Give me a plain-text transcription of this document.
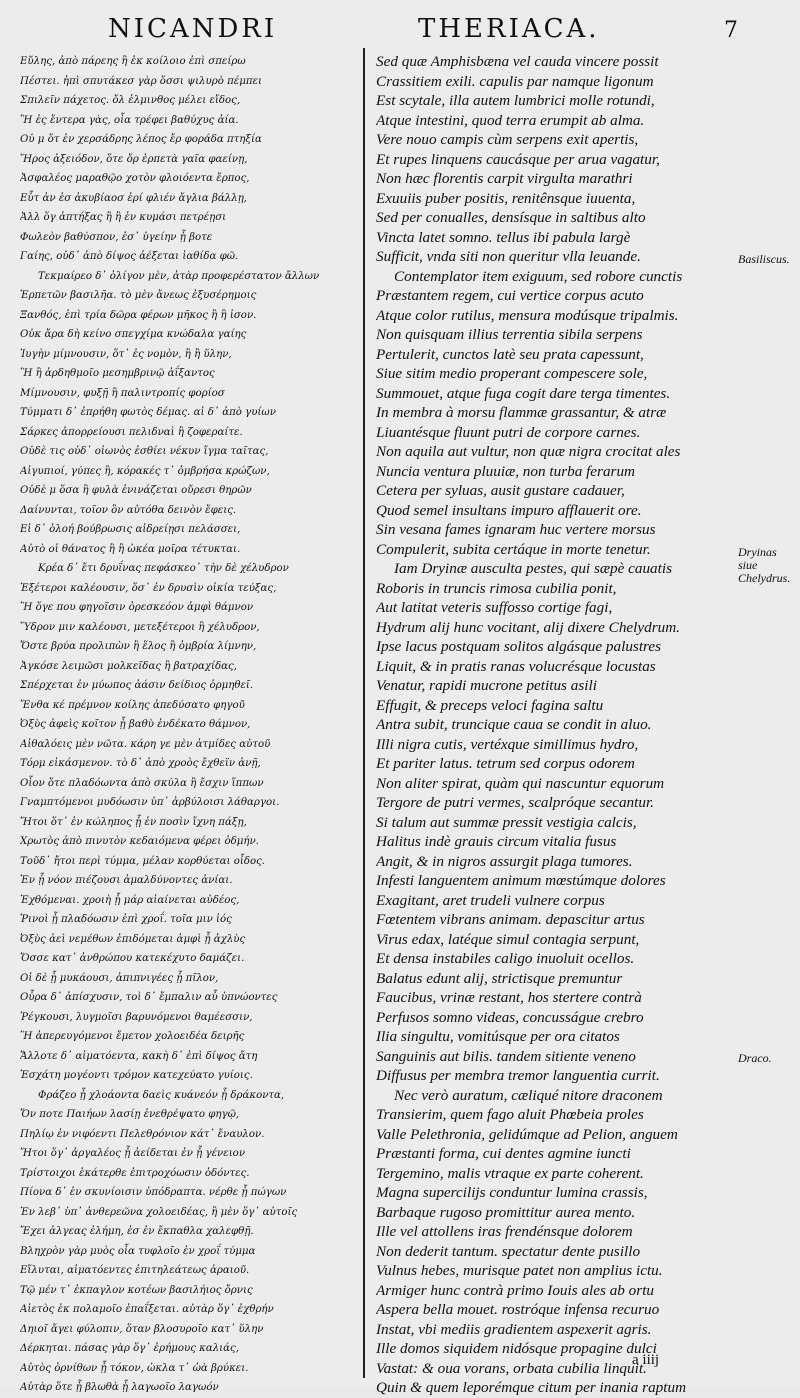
NICANDRI	THERIACA.	7
Εὔλης, ἀπὸ πάρεης ἢ ἐκ κοίλοιο ἐπὶ σπείρω
Πέστει. ἠπὶ σπυτάκεσ γὰρ ὅσσι ψιλυρὸ πέμπει
Σπιλεῖν πάχετος. ὄλ ἐλμινθος μέλει εἴδος,
Ἢ ἐς ἔντερα γὰς, οἷα τρέφει βαθύχυς ἀία.
Οὐ μ ὅτ ἐν χερσάδρης λέπος ἔρ φοράδα πτηξία
Ἥρος ἀξειόδον, ὅτε ὄρ ἐρπετὰ γαῖα φαείνῃ,
Ἀσφαλέος μαραθῷο χοτὸν φλοιόεντα ἔρπος,
Εὖτ ἀν ἐσ ἀκυβίαοσ ἐρί φλιέν ἄγλια βάλλῃ,
Ἀλλ ὅγ ἀπτήξας ἢ ἢ ἐν κυμάσι πετρέῃσι
Φωλεὸν βαθύσπον, ἐσ᾽ ὑγείην ᾗ βοτε
Γαίης, οὐδ᾽ ἀπὸ δίψος ἀέξεται ἰαθίδα φῶ.
Τεκμαίρεο δ᾽ ὀλίγον μὲν, ἀτὰρ προφερέστατον ἄλλων
Ἑρπετῶν βασιλῆα. τὸ μὲν ἄνεως ἐξυσέρημοις
Ξανθός, ἐπὶ τρία δῶρα φέρων μῆκος ἢ ἢ ἰσον.
Οὐκ ἄρα δὴ κείνο σπεγχίμα κνώδαλα γαίης
Ἰυγὴν μίμνουσιν, ὅτ᾽ ἐς νομὸν, ἢ ἢ ὕλην,
Ἢ ἢ ἀρδηθμοῖο μεσημβρινῷ ἀΐξαντος
Μίμνουσιν, φυξῇ ἢ παλιντροπίς φορίοσ
Τύμματι δ᾽ ἐπρήθη φωτὸς δέμας. αἱ δ᾽ ἀπὸ γυίων
Σάρκες ἀπορρείουσι πελιδναὶ ἢ ζοφεραίτε.
Οὐδὲ τις οὐδ᾽ οἰωνὸς ἐσθίει νέκυν ἴγμα ταῖτας,
Αἰγυπιοί, γύπες ἢ, κόρακές τ᾽ ὀμβρήσα κρώζων,
Οὐδὲ μ ὅσα ἢ φυλὰ ἐνινάζεται οὔρεσι θηρῶν
Δαίνυνται, τοῖον ὃν αὐτόθα δεινὸν ἔφεις.
Εἰ δ᾽ ὁλοή βούβρωσις αἰδρείῃσι πελάσσει,
Αὐτὸ οἱ θάνατος ἢ ἢ ὠκέα μοῖρα τέτυκται.
Κρέα δ᾽ ἔτι δρυΐνας πεφάσκεο᾽ τὴν δὲ χέλυδρον
Ἐξέτεροι καλέουσιν, ὅσ᾽ ἐν δρυσὶν οἰκία τεύξας,
Ἢ ὅγε που φηγοῖσιν ὀρεσκεόον ἀμφὶ θάμνον
Ὕδρον μιν καλέουσι, μετεξέτεροι ἢ χέλυδρον,
Ὅστε βρύα προλιπὼν ἢ ἕλος ἢ ὀμβρία λίμνην,
Ἀγκόσε λειμῶσι μολκεῖδας ἢ βατραχίδας,
Σπέρχεται ἐν μύωπος ἀάσιν δείδιος ὀρμηθεῖ.
Ἔνθα κέ πρέμνον κοίλης ἀπεδύσατο φηγοῦ
Ὀξὺς ἀφεὶς κοῖτον ᾗ βαθὺ ἐνδέκατο θάμνον,
Αἰθαλόεις μὲν νῶτα. κάρη γε μὲν ἀτμίδες αὐτοῦ
Τόρμ εἰκάσμενον. τὸ δ᾽ ἀπὸ χροὸς ἔχθεϊν ἀνῇ,
Οἶον ὅτε πλαδόωντα ἀπὸ σκύλα ἢ ἔσχιν ἵππων
Γναμπτόμενοι μυδόωσιν ὑπ᾽ ἀρβύλοισι λάθαργοι.
Ἤτοι ὅτ᾽ ἐν κώληπος ᾗ ἐν ποσὶν ἴχνη πάξῃ,
Χρωτὸς ἀπὸ πινυτὸν κεδαιόμενα φέρει ὀδμήν.
Τοῦδ᾽ ἤτοι περὶ τύμμα, μέλαν κορθύεται οἶδος.
Ἐν ᾗ νόον πιέζουσι ἀμαλδύνοντες ἀνίαι.
Ἐχθόμεναι. χροιὴ ᾗ μάρ αἰαίνεται αὐδέος,
Ῥινοὶ ᾗ πλαδόωσιν ἐπὶ χροΐ. τοῖα μιν ἰός
Ὀξὺς ἀεὶ νεμέθων ἐπιδόμεται ἀμφὶ ᾗ ἀχλὺς
Ὄσσε κατ᾽ ἀνθρώπου κατεκέχυτο δαμάζει.
Οἱ δὲ ᾗ μυκάουσι, ἀπιπνιγέες ᾗ πῖλον,
Οὖρα δ᾽ ἀπίσχυσιν, τοὶ δ᾽ ἔμπαλιν αὖ ὑπνώοντες
Ῥέγκουσι, λυγμοῖσι βαρυνόμενοι θαμέεσσιν,
Ἢ ἀπερευγόμενοι ἔμετον χολοειδέα δειρῆς
Ἄλλοτε δ᾽ αἱματόεντα, κακὴ δ᾽ ἐπὶ δίψος ἄτη
Ἐσχάτη μογέοντι τρόμον κατεχεύατο γυίοις.
Φράζεο ᾗ χλοάοντα δαεὶς κυάνεόν ᾗ δράκοντα,
Ὅν ποτε Παιήων λασίῃ ἐνεθρέψατο φηγῷ,
Πηλίῳ ἐν νιφόεντι Πελεθρόνιον κάτ᾽ ἔναυλον.
Ἤτοι ὅγ᾽ ἀργαλέος ᾗ ἀείδεται ἐν ᾗ γένειον
Τρίστοιχοι ἑκάτερθε ἐπιτροχόωσιν ὀδόντες.
Πίονα δ᾽ ἐν σκυνίοισιν ὑπόδραπτα. νέρθε ᾗ πώγων
Ἐν λεβ᾽ ὑπ᾽ ἀνθερεῶνα χολοειδέας, ἢ μὲν ὅγ᾽ αὐτοῖς
Ἔχει ἀλγεας ἐλήμη, ἐσ ἐν ἔκπαθλα χαλεφθῇ.
Βληχρὸν γὰρ μυὸς οἷα τυφλοῖο ἐν χροΐ τύμμα
Εἴλυται, αἱματόεντες ἐπιτηλεάτεως ἀραιοῦ.
Τῷ μέν τ᾽ ἐκπαγλον κοτέων βασιλήιος ὄρνις
Αἰετὸς ἐκ πολαμοῖο ἐπαΐξεται. αὐτὰρ ὅγ᾽ ἐχθρήν
Δηιοῖ ἄγει φύλοπιν, ὅταν βλοσυροῖο κατ᾽ ὕλην
Δέρκηται. πάσας γὰρ ὅγ᾽ ἐρήμους καλιάς,
Αὐτὸς ὀρνίθων ᾗ τόκον, ὠκλα τ᾽ ὠὰ βρύκει.
Αὐτὰρ ὅτε ᾗ βλωθὰ ᾗ λαγωοῖο λαγωόν
Sed quæ Amphisbæna vel cauda vincere possit
Crassitiem exili. capulis par namque ligonum
Est scytale, illa autem lumbrici molle rotundi,
Atque intestini, quod terra erumpit ab alma.
Vere nouo campis cùm serpens exit apertis,
Et rupes linquens caucásque per arua vagatur,
Non hæc florentis carpit virgulta marathri
Exuuiis puber positis, renitênsque iuuenta,
Sed per conualles, densísque in saltibus alto
Vincta latet somno. tellus ibi pabula largè
Sufficit, vnda siti non queritur vlla leuande.
Contemplator item exiguum, sed robore cunctis
Præstantem regem, cui vertice corpus acuto
Atque color rutilus, mensura modúsque tripalmis.
Non quisquam illius terrentia sibila serpens
Pertulerit, cunctos latè seu prata capessunt,
Siue sitim medio properant compescere sole,
Summouet, atque fuga cogit dare terga timentes.
In membra à morsu flammæ grassantur, & atræ
Liuantésque fluunt putri de corpore carnes.
Non aquila aut vultur, non quæ nigra crocitat ales
Nuncia ventura pluuiæ, non turba ferarum
Cetera per syluas, ausit gustare cadauer,
Quod semel insultans impuro afflauerit ore.
Sin vesana fames ignaram huc vertere morsus
Compulerit, subita certáque in morte tenetur.
Iam Dryinæ ausculta pestes, qui sæpè cauatis
Roboris in truncis rimosa cubilia ponit,
Aut latitat veteris suffosso cortige fagi,
Hydrum alij hunc vocitant, alij dixere Chelydrum.
Ipse lacus postquam solitos algásque palustres
Liquit, & in pratis ranas volucrésque locustas
Venatur, rapidi mucrone petitus asili
Effugit, & preceps veloci fagina saltu
Antra subit, truncique caua se condit in aluo.
Illi nigra cutis, vertéxque simillimus hydro,
Et pariter latus. tetrum sed corpus odorem
Non aliter spirat, quàm qui nascuntur equorum
Tergore de putri vermes, scalpróque secantur.
Si talum aut summæ pressit vestigia calcis,
Halitus indè grauis circum vitalia fusus
Angit, & in nigros assurgit plaga tumores.
Infesti languentem animum mœstúmque dolores
Exagitant, aret trudeli vulnere corpus
Fœtentem vibrans animam. depascitur artus
Virus edax, latéque simul contagia serpunt,
Et densa instabiles caligo inuoluit ocellos.
Balatus edunt alij, strictisque premuntur
Faucibus, vrinæ restant, hos stertere contrà
Perfusos somno videas, concusságue crebro
Ilia singultu, vomitúsque per ora citatos
Sanguinis aut bilis. tandem sitiente veneno
Diffusus per membra tremor languentia currit.
Nec verò auratum, cæliqué nitore draconem
Transierim, quem fago aluit Phœbeia proles
Valle Pelethronia, gelidúmque ad Pelion, anguem
Præstanti forma, cui dentes agmine iuncti
Tergemino, malis vtraque ex parte coherent.
Magna supercilijs conduntur lumina crassis,
Barbaque rugoso promittitur aurea mento.
Ille vel attollens iras frendénsque dolorem
Non dederit tantum. spectatur dente pusillo
Vulnus hebes, murisque patet non amplius ictu.
Armiger hunc contrà primo Iouis ales ab ortu
Aspera bella mouet. rostróque infensa recuruo
Instat, vbi mediis gradientem aspexerit agris.
Ille domos siquidem nidósque propagine dulci
Vastat: & oua vorans, orbata cubilia linquit.
Quin & quem leporémque citum per inania raptum
Basiliscus.
Dryinas siue Chelydrus.
Draco.
a iiij
